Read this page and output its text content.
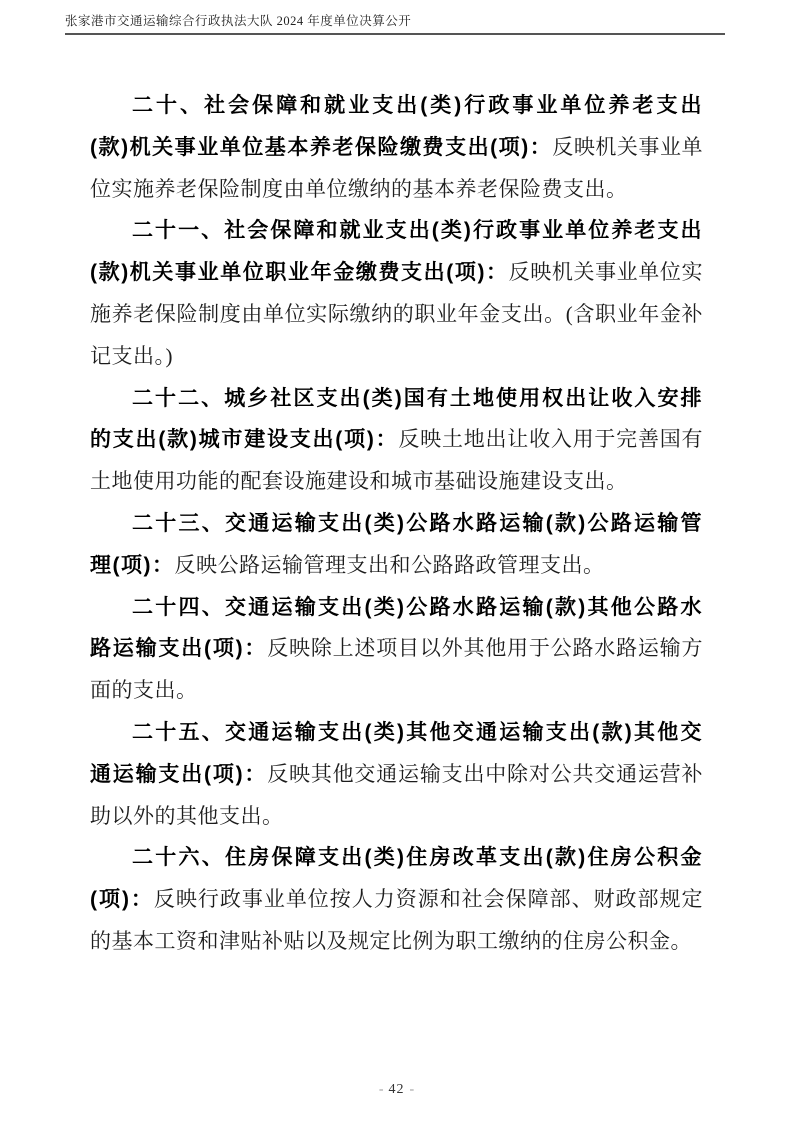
张家港市交通运输综合行政执法大队 2024 年度单位决算公开

二十、社会保障和就业支出(类)行政事业单位养老支出(款)机关事业单位基本养老保险缴费支出(项)：反映机关事业单位实施养老保险制度由单位缴纳的基本养老保险费支出。

二十一、社会保障和就业支出(类)行政事业单位养老支出(款)机关事业单位职业年金缴费支出(项)：反映机关事业单位实施养老保险制度由单位实际缴纳的职业年金支出。(含职业年金补记支出。)

二十二、城乡社区支出(类)国有土地使用权出让收入安排的支出(款)城市建设支出(项)：反映土地出让收入用于完善国有土地使用功能的配套设施建设和城市基础设施建设支出。

二十三、交通运输支出(类)公路水路运输(款)公路运输管理(项)：反映公路运输管理支出和公路路政管理支出。

二十四、交通运输支出(类)公路水路运输(款)其他公路水路运输支出(项)：反映除上述项目以外其他用于公路水路运输方面的支出。

二十五、交通运输支出(类)其他交通运输支出(款)其他交通运输支出(项)：反映其他交通运输支出中除对公共交通运营补助以外的其他支出。

二十六、住房保障支出(类)住房改革支出(款)住房公积金(项)：反映行政事业单位按人力资源和社会保障部、财政部规定的基本工资和津贴补贴以及规定比例为职工缴纳的住房公积金。

- 42 -
